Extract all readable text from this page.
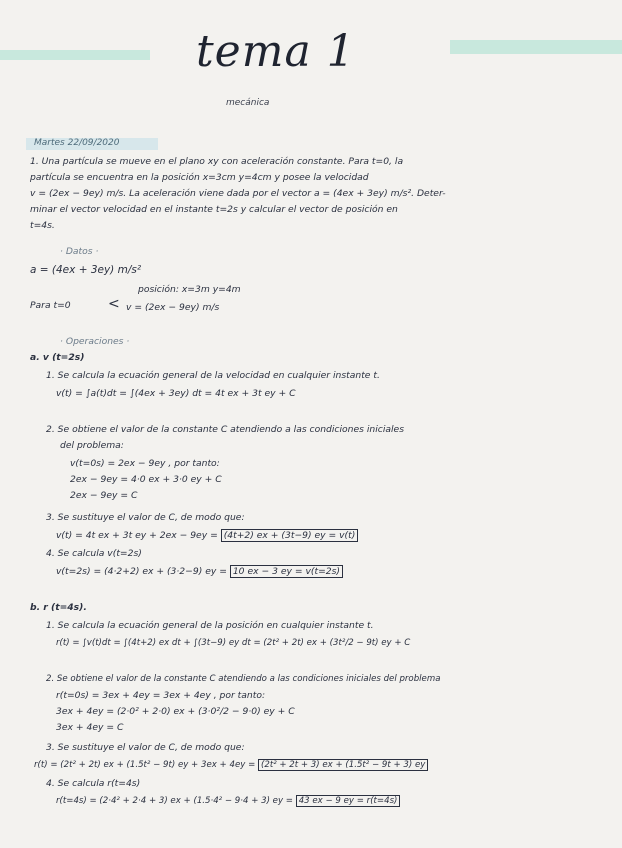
tema 1
mecánica
Martes 22/09/2020
1. Una partícula se mueve en el plano xy con aceleración constante. Para t=0, la
partícula se encuentra en la posición x=3cm y=4cm y posee la velocidad
v = (2ex − 9ey) m/s. La aceleración viene dada por el vector a = (4ex + 3ey) m/s². Deter-
minar el vector velocidad en el instante t=2s y calcular el vector de posición en
t=4s.
· Datos ·
a = (4ex + 3ey) m/s²
posición: x=3m y=4m
Para t=0	< v = (2ex − 9ey) m/s
· Operaciones ·
a. v (t=2s)
1. Se calcula la ecuación general de la velocidad en cualquier instante t.
v(t) = ∫a(t)dt = ∫(4ex + 3ey) dt = 4t ex + 3t ey + C
2. Se obtiene el valor de la constante C atendiendo a las condiciones iniciales
del problema:
v(t=0s) = 2ex − 9ey , por tanto:
2ex − 9ey = 4·0 ex + 3·0 ey + C
2ex − 9ey = C
3. Se sustituye el valor de C, de modo que:
v(t) = 4t ex + 3t ey + 2ex − 9ey = (4t+2) ex + (3t−9) ey = v(t)
4. Se calcula v(t=2s)
v(t=2s) = (4·2+2) ex + (3·2−9) ey = 10 ex − 3 ey = v(t=2s)
b. r (t=4s).
1. Se calcula la ecuación general de la posición en cualquier instante t.
r(t) = ∫v(t)dt = ∫(4t+2) ex dt + ∫(3t−9) ey dt = (2t² + 2t) ex + (3t²/2 − 9t) ey + C
2. Se obtiene el valor de la constante C atendiendo a las condiciones iniciales del problema
r(t=0s) = 3ex + 4ey = 3ex + 4ey , por tanto:
3ex + 4ey = (2·0² + 2·0) ex + (3·0²/2 − 9·0) ey + C
3ex + 4ey = C
3. Se sustituye el valor de C, de modo que:
r(t) = (2t² + 2t) ex + (1.5t² − 9t) ey + 3ex + 4ey = (2t² + 2t + 3) ex + (1.5t² − 9t + 3) ey
4. Se calcula r(t=4s)
r(t=4s) = (2·4² + 2·4 + 3) ex + (1.5·4² − 9·4 + 3) ey = 43 ex − 9 ey = r(t=4s)
